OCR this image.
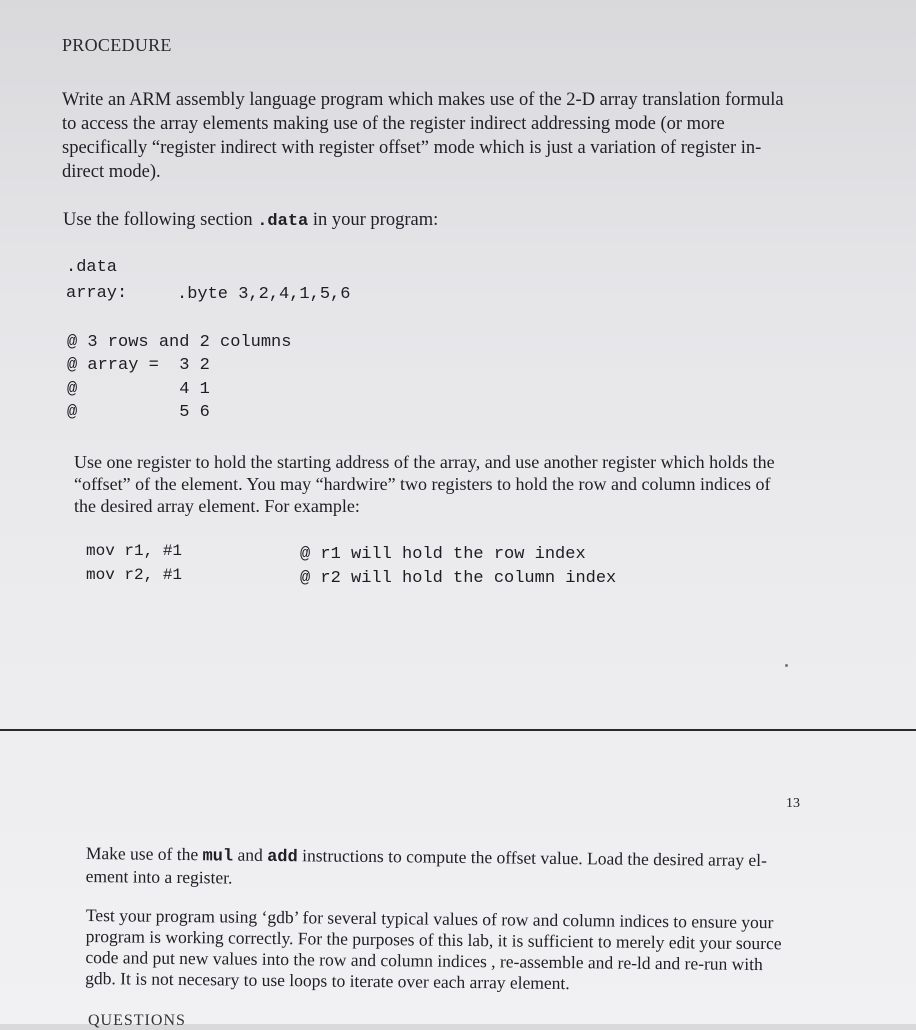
PROCEDURE
Write an ARM assembly language program which makes use of the 2-D array translation formula
to access the array elements making use of the register indirect addressing mode (or more
specifically “register indirect with register offset” mode which is just a variation of register in-
direct mode).
Use the following section .data in your program:
.data
array:	.byte 3,2,4,1,5,6
@ 3 rows and 2 columns
@ array =  3 2
@          4 1
@          5 6
Use one register to hold the starting address of the array, and use another register which holds the
“offset” of the element. You may “hardwire” two registers to hold the row and column indices of
the desired array element. For example:
mov r1, #1	@ r1 will hold the row index
mov r2, #1	@ r2 will hold the column index
13
Make use of the mul and add instructions to compute the offset value. Load the desired array el-
ement into a register.
Test your program using ‘gdb’ for several typical values of row and column indices to ensure your
program is working correctly. For the purposes of this lab, it is sufficient to merely edit your source
code and put new values into the row and column indices , re-assemble and re-ld and re-run with
gdb. It is not necesary to use loops to iterate over each array element.
QUESTIONS
